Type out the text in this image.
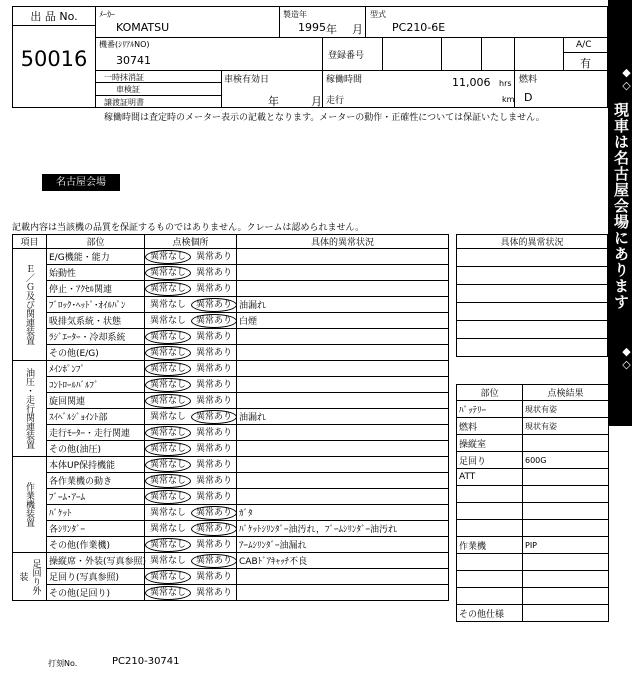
出 品 No.
50016
ﾒｰｶｰ
KOMATSU
製造年
1995 年 月
型式
PC210-6E
機番(ｼﾘｱﾙNO)
30741	登録番号
A/C
有
一時抹消証
車検証
譲渡証明書
車検有効日
年	月
稼働時間	11,006 hrs
走行	km
燃料
D
稼働時間は査定時のメーター表示の記載となります。メーターの動作・正確性については保証いたしません。
◆◇
現車は名古屋会場にあります
◆◇
名古屋会場
記載内容は当該機の品質を保証するものではありません。クレームは認められません。
項目	部位	点検個所	具体的異常状況
Ｅ／Ｇ及び関連装置	E/G機能・能力	異常なし 異常あり	
	始動性	異常なし 異常あり	
	停止・ｱｸｾﾙ関連	異常なし 異常あり	
	ﾌﾞﾛｯｸ･ﾍｯﾄﾞ･ｵｲﾙﾊﾟﾝ	異常なし 異常あり	油漏れ
	吸排気系統・状態	異常なし 異常あり	白煙
	ﾗｼﾞｴｰﾀｰ・冷却系統	異常なし 異常あり	
	その他(E/G)	異常なし 異常あり	
油圧・走行関連装置	ﾒｲﾝﾎﾟﾝﾌﾟ	異常なし 異常あり	
	ｺﾝﾄﾛｰﾙﾊﾞﾙﾌﾞ	異常なし 異常あり	
	旋回関連	異常なし 異常あり	
	ｽｲﾍﾞﾙｼﾞｮｲﾝﾄ部	異常なし 異常あり	油漏れ
	走行ﾓｰﾀｰ・走行関連	異常なし 異常あり	
	その他(油圧)	異常なし 異常あり	
作業機装置	本体UP保持機能	異常なし 異常あり	
	各作業機の動き	異常なし 異常あり	
	ﾌﾞｰﾑ･ｱｰﾑ	異常なし 異常あり	
	ﾊﾞｹｯﾄ	異常なし 異常あり	ｶﾞﾀ
	各ｼﾘﾝﾀﾞｰ	異常なし 異常あり	ﾊﾞｹｯﾄｼﾘﾝﾀﾞｰ油汚れ，ﾌﾞｰﾑｼﾘﾝﾀﾞｰ油汚れ
	その他(作業機)	異常なし 異常あり	ｱｰﾑｼﾘﾝﾀﾞｰ油漏れ
足回り外装	操縦席・外装(写真参照)	異常なし 異常あり	CABﾄﾞｱｷｬｯﾁ不良
	足回り(写真参照)	異常なし 異常あり	
	その他(足回り)	異常なし 異常あり	
具体的異常状況

部位	点検結果
ﾊﾞｯﾃﾘｰ	現状有姿
燃料	現状有姿
操縦室	
足回り	600G
ATT	

作業機	PIP

その他仕様	
打刻No.	PC210-30741
